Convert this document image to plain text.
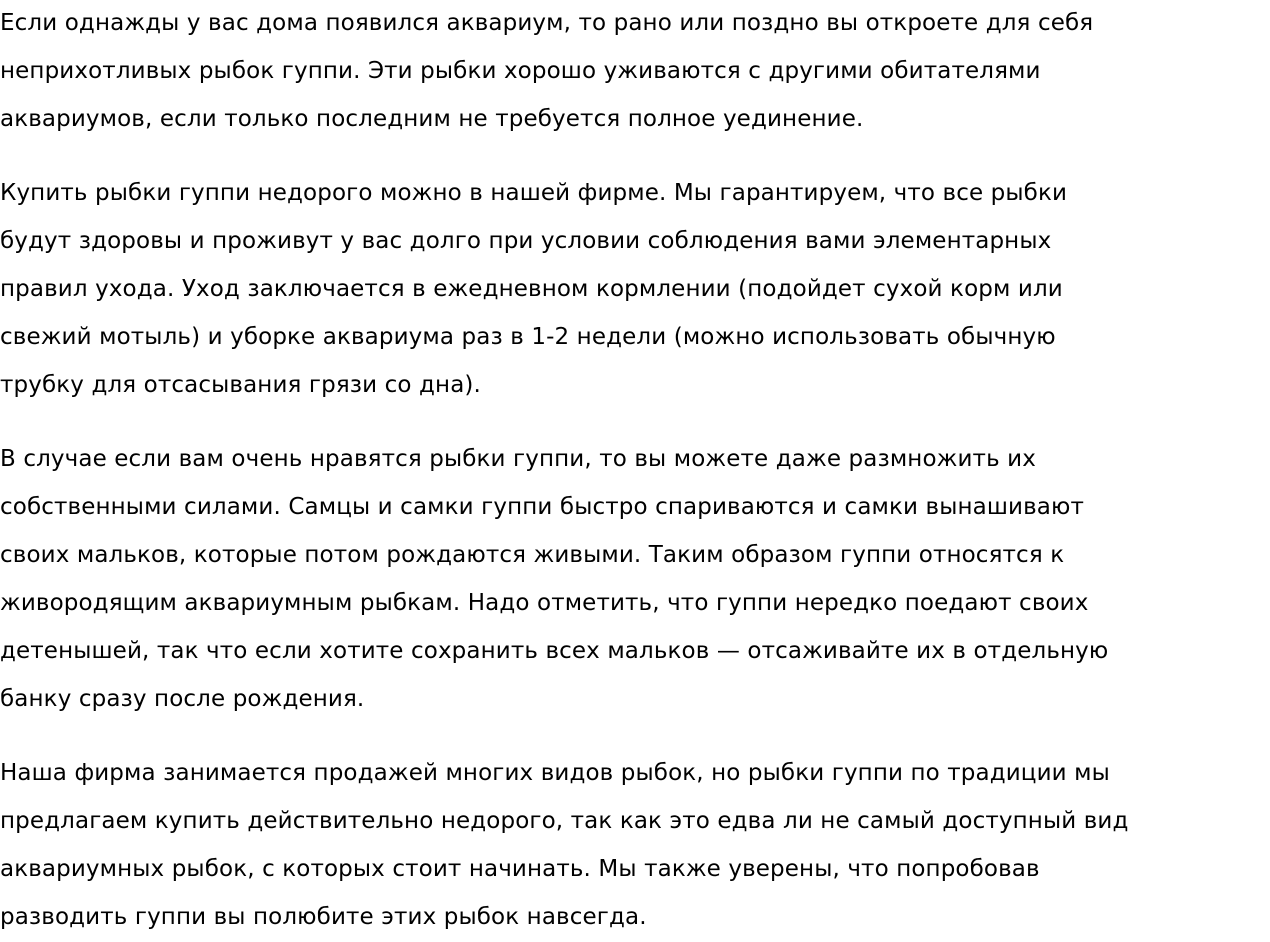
Если однажды у вас дома появился аквариум, то рано или поздно вы откроете для себя
неприхотливых рыбок гуппи. Эти рыбки хорошо уживаются с другими обитателями
аквариумов, если только последним не требуется полное уединение.

Купить рыбки гуппи недорого можно в нашей фирме. Мы гарантируем, что все рыбки
будут здоровы и проживут у вас долго при условии соблюдения вами элементарных
правил ухода. Уход заключается в ежедневном кормлении (подойдет сухой корм или
свежий мотыль) и уборке аквариума раз в 1-2 недели (можно использовать обычную
трубку для отсасывания грязи со дна).

В случае если вам очень нравятся рыбки гуппи, то вы можете даже размножить их
собственными силами. Самцы и самки гуппи быстро спариваются и самки вынашивают
своих мальков, которые потом рождаются живыми. Таким образом гуппи относятся к
живородящим аквариумным рыбкам. Надо отметить, что гуппи нередко поедают своих
детенышей, так что если хотите сохранить всех мальков — отсаживайте их в отдельную
банку сразу после рождения.

Наша фирма занимается продажей многих видов рыбок, но рыбки гуппи по традиции мы
предлагаем купить действительно недорого, так как это едва ли не самый доступный вид
аквариумных рыбок, с которых стоит начинать. Мы также уверены, что попробовав
разводить гуппи вы полюбите этих рыбок навсегда.
